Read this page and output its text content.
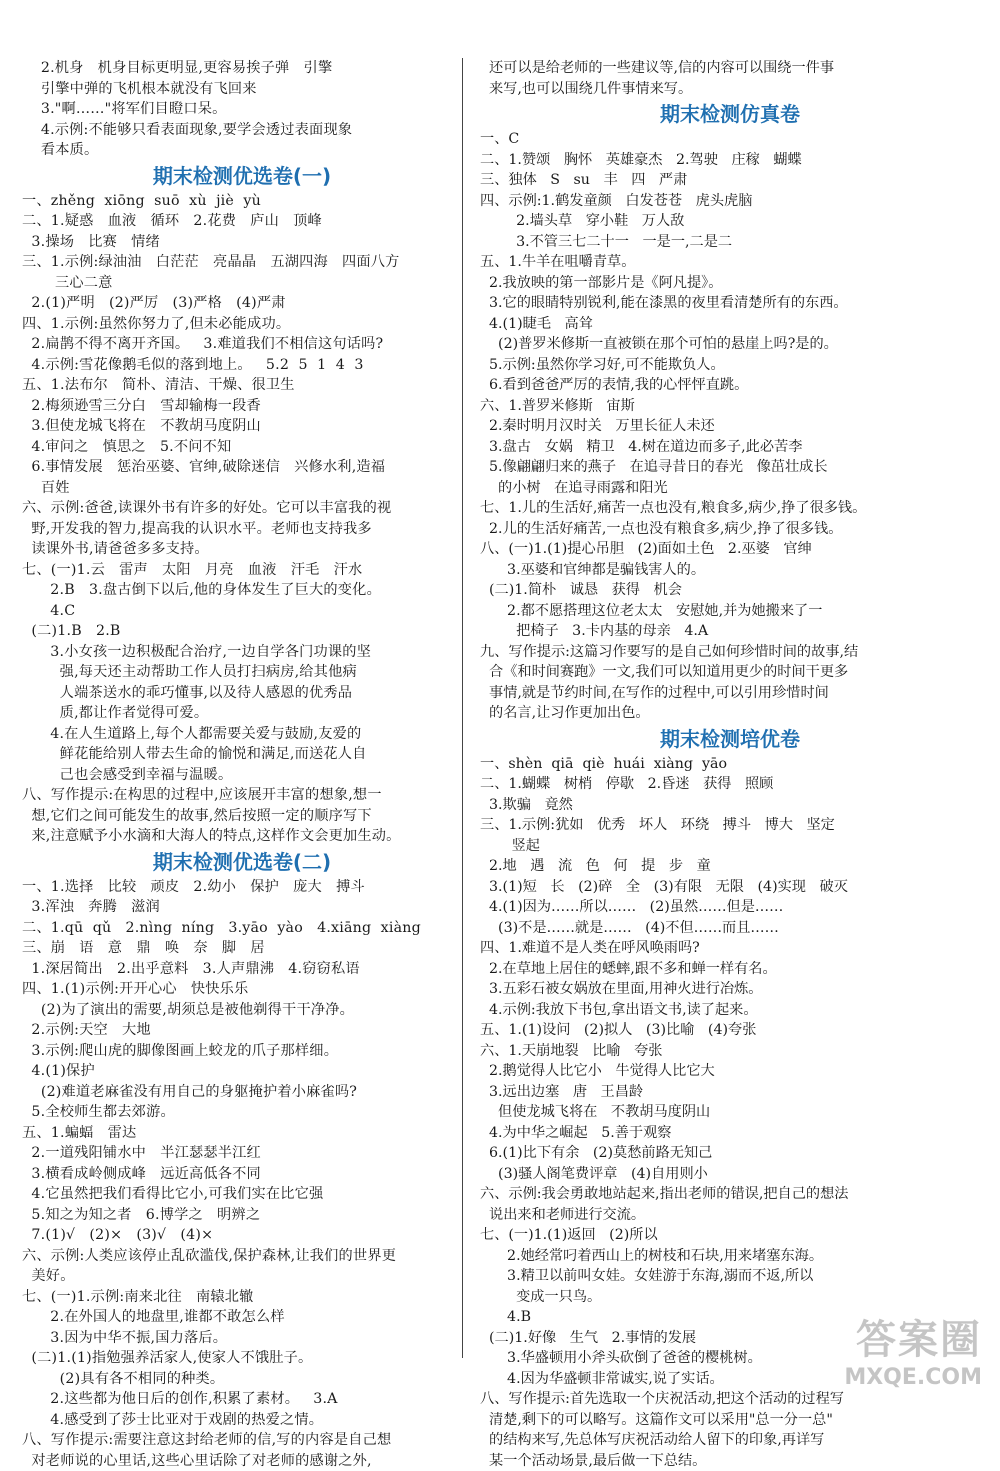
2.机身   机身目标更明显,更容易挨子弹   引擎
引擎中弹的飞机根本就没有飞回来
3."啊……"将军们目瞪口呆。
4.示例:不能够只看表面现象,要学会透过表面现象
看本质。
期末检测优选卷(一)
一、zhěng  xiōng  suō  xù  jiè  yù
二、1.疑惑   血液   循环   2.花费   庐山   顶峰
3.操场   比赛   情绪
三、1.示例:绿油油   白茫茫   亮晶晶   五湖四海   四面八方
三心二意
2.(1)严明   (2)严厉   (3)严格   (4)严肃
四、1.示例:虽然你努力了,但未必能成功。
2.扁鹊不得不离开齐国。   3.难道我们不相信这句话吗?
4.示例:雪花像鹅毛似的落到地上。   5.2  5  1  4  3
五、1.法布尔   简朴、清洁、干燥、很卫生
2.梅须逊雪三分白   雪却输梅一段香
3.但使龙城飞将在   不教胡马度阴山
4.审问之   慎思之   5.不问不知
6.事情发展   惩治巫婆、官绅,破除迷信   兴修水利,造福
百姓
六、示例:爸爸,读课外书有许多的好处。它可以丰富我的视
野,开发我的智力,提高我的认识水平。老师也支持我多
读课外书,请爸爸多多支持。
七、(一)1.云   雷声   太阳   月亮   血液   汗毛   汗水
2.B   3.盘古倒下以后,他的身体发生了巨大的变化。
4.C
(二)1.B   2.B
3.小女孩一边积极配合治疗,一边自学各门功课的坚
强,每天还主动帮助工作人员打扫病房,给其他病
人端茶送水的乖巧懂事,以及待人感恩的优秀品
质,都让作者觉得可爱。
4.在人生道路上,每个人都需要关爱与鼓励,友爱的
鲜花能给别人带去生命的愉悦和满足,而送花人自
己也会感受到幸福与温暖。
八、写作提示:在构思的过程中,应该展开丰富的想象,想一
想,它们之间可能发生的故事,然后按照一定的顺序写下
来,注意赋予小水滴和大海人的特点,这样作文会更加生动。
期末检测优选卷(二)
一、1.选择   比较   顽皮   2.幼小   保护   庞大   搏斗
3.浑浊   奔腾   滋润
二、1.qū  qǔ   2.nìng  níng   3.yāo  yào   4.xiāng  xiàng
三、崩   语   意   鼎   唤   奈   脚   居
1.深居简出   2.出乎意料   3.人声鼎沸   4.窃窃私语
四、1.(1)示例:开开心心   快快乐乐
(2)为了演出的需要,胡须总是被他剃得干干净净。
2.示例:天空   大地
3.示例:爬山虎的脚像图画上蛟龙的爪子那样细。
4.(1)保护
(2)难道老麻雀没有用自己的身躯掩护着小麻雀吗?
5.全校师生都去郊游。
五、1.蝙蝠   雷达
2.一道残阳铺水中   半江瑟瑟半江红
3.横看成岭侧成峰   远近高低各不同
4.它虽然把我们看得比它小,可我们实在比它强
5.知之为知之者   6.博学之   明辨之
7.(1)√   (2)×   (3)√   (4)×
六、示例:人类应该停止乱砍滥伐,保护森林,让我们的世界更
美好。
七、(一)1.示例:南来北往   南辕北辙
2.在外国人的地盘里,谁都不敢怎么样
3.因为中华不振,国力落后。
(二)1.(1)指勉强养活家人,使家人不饿肚子。
(2)具有各不相同的种类。
2.这些都为他日后的创作,积累了素材。   3.A
4.感受到了莎士比亚对于戏剧的热爱之情。
八、写作提示:需要注意这封给老师的信,写的内容是自己想
对老师说的心里话,这些心里话除了对老师的感谢之外,
还可以是给老师的一些建议等,信的内容可以围绕一件事
来写,也可以围绕几件事情来写。
期末检测仿真卷
一、C
二、1.赞颂   胸怀   英雄豪杰   2.驾驶   庄稼   蝴蝶
三、独体   S   su   丰   四   严肃
四、示例:1.鹤发童颜   白发苍苍   虎头虎脑
2.墙头草   穿小鞋   万人敌
3.不管三七二十一   一是一,二是二
五、1.牛羊在咀嚼青草。
2.我放映的第一部影片是《阿凡提》。
3.它的眼睛特别锐利,能在漆黑的夜里看清楚所有的东西。
4.(1)睫毛   高耸
(2)普罗米修斯一直被锁在那个可怕的悬崖上吗?是的。
5.示例:虽然你学习好,可不能欺负人。
6.看到爸爸严厉的表情,我的心怦怦直跳。
六、1.普罗米修斯   宙斯
2.秦时明月汉时关   万里长征人未还
3.盘古   女娲   精卫   4.树在道边而多子,此必苦李
5.像翩翩归来的燕子   在追寻昔日的春光   像茁壮成长
的小树   在追寻雨露和阳光
七、1.儿的生活好,痛苦一点也没有,粮食多,病少,挣了很多钱。
2.儿的生活好痛苦,一点也没有粮食多,病少,挣了很多钱。
八、(一)1.(1)提心吊胆   (2)面如土色   2.巫婆   官绅
3.巫婆和官绅都是骗钱害人的。
(二)1.简朴   诚恳   获得   机会
2.都不愿搭理这位老太太   安慰她,并为她搬来了一
把椅子   3.卡内基的母亲   4.A
九、写作提示:这篇习作要写的是自己如何珍惜时间的故事,结
合《和时间赛跑》一文,我们可以知道用更少的时间干更多
事情,就是节约时间,在写作的过程中,可以引用珍惜时间
的名言,让习作更加出色。
期末检测培优卷
一、shèn  qiā  qiè  huái  xiàng  yāo
二、1.蝴蝶   树梢   停歇   2.昏迷   获得   照顾
3.欺骗   竟然
三、1.示例:犹如   优秀   坏人   环绕   搏斗   博大   坚定
竖起
2.地   遇   流   色   何   提   步   童
3.(1)短   长   (2)碎   全   (3)有限   无限   (4)实现   破灭
4.(1)因为……所以……   (2)虽然……但是……
(3)不是……就是……   (4)不但……而且……
四、1.难道不是人类在呼风唤雨吗?
2.在草地上居住的蟋蟀,跟不多和蝉一样有名。
3.五彩石被女娲放在里面,用神火进行冶炼。
4.示例:我放下书包,拿出语文书,读了起来。
五、1.(1)设问   (2)拟人   (3)比喻   (4)夸张
六、1.天崩地裂   比喻   夸张
2.鹅觉得人比它小   牛觉得人比它大
3.远出边塞   唐   王昌龄
但使龙城飞将在   不教胡马度阴山
4.为中华之崛起   5.善于观察
6.(1)比下有余   (2)莫愁前路无知己
(3)骚人阁笔费评章   (4)自用则小
六、示例:我会勇敢地站起来,指出老师的错误,把自己的想法
说出来和老师进行交流。
七、(一)1.(1)返回   (2)所以
2.她经常叼着西山上的树枝和石块,用来堵塞东海。
3.精卫以前叫女娃。女娃游于东海,溺而不返,所以
变成一只鸟。
4.B
(二)1.好像   生气   2.事情的发展
3.华盛顿用小斧头砍倒了爸爸的樱桃树。
4.因为华盛顿非常诚实,说了实话。
八、写作提示:首先选取一个庆祝活动,把这个活动的过程写
清楚,剩下的可以略写。这篇作文可以采用"总一分一总"
的结构来写,先总体写庆祝活动给人留下的印象,再详写
某一个活动场景,最后做一下总结。
答案圈
MXQE.COM
